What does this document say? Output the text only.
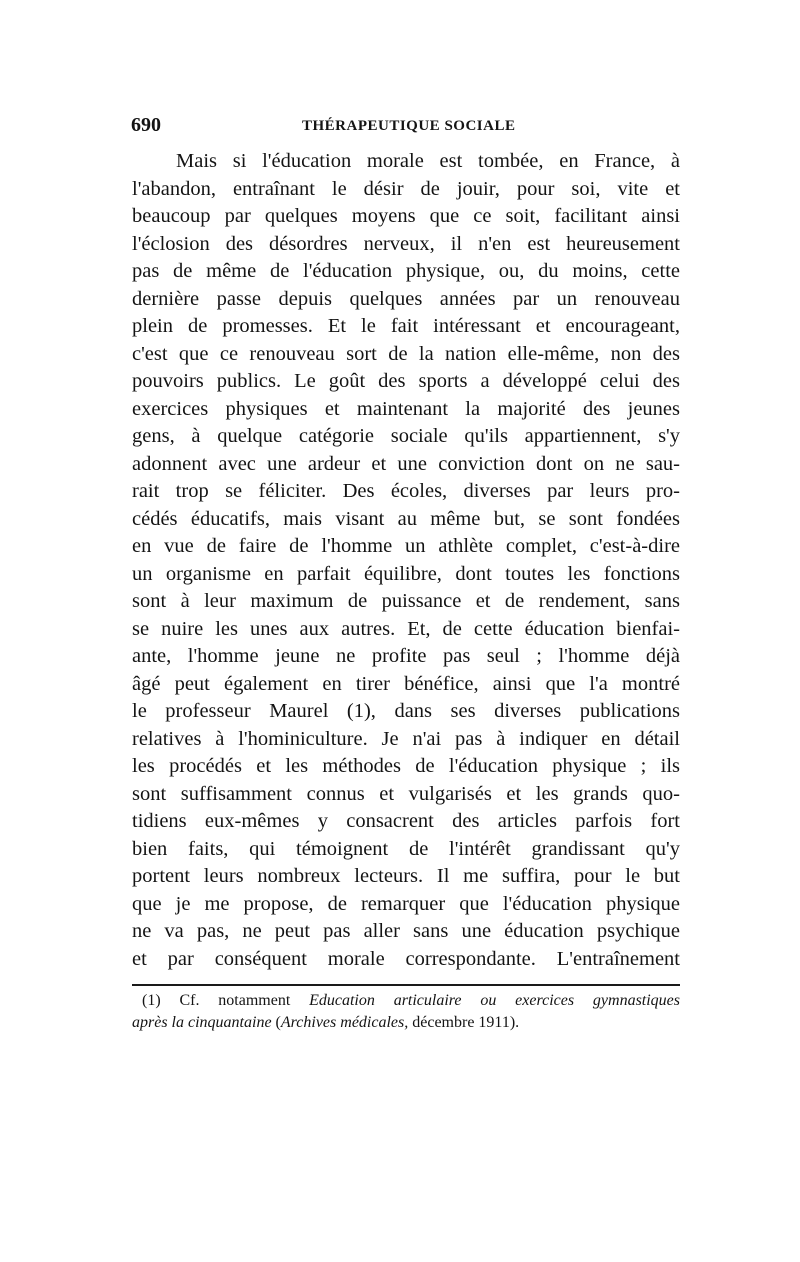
690	THÉRAPEUTIQUE SOCIALE
Mais si l'éducation morale est tombée, en France, à
l'abandon, entraînant le désir de jouir, pour soi, vite et
beaucoup par quelques moyens que ce soit, facilitant ainsi
l'éclosion des désordres nerveux, il n'en est heureusement
pas de même de l'éducation physique, ou, du moins, cette
dernière passe depuis quelques années par un renouveau
plein de promesses. Et le fait intéressant et encourageant,
c'est que ce renouveau sort de la nation elle-même, non des
pouvoirs publics. Le goût des sports a développé celui des
exercices physiques et maintenant la majorité des jeunes
gens, à quelque catégorie sociale qu'ils appartiennent, s'y
adonnent avec une ardeur et une conviction dont on ne sau-
rait trop se féliciter. Des écoles, diverses par leurs pro-
cédés éducatifs, mais visant au même but, se sont fondées
en vue de faire de l'homme un athlète complet, c'est-à-dire
un organisme en parfait équilibre, dont toutes les fonctions
sont à leur maximum de puissance et de rendement, sans
se nuire les unes aux autres. Et, de cette éducation bienfai-
ante, l'homme jeune ne profite pas seul ; l'homme déjà
âgé peut également en tirer bénéfice, ainsi que l'a montré
le professeur Maurel (1), dans ses diverses publications
relatives à l'hominiculture. Je n'ai pas à indiquer en détail
les procédés et les méthodes de l'éducation physique ; ils
sont suffisamment connus et vulgarisés et les grands quo-
tidiens eux-mêmes y consacrent des articles parfois fort
bien faits, qui témoignent de l'intérêt grandissant qu'y
portent leurs nombreux lecteurs. Il me suffira, pour le but
que je me propose, de remarquer que l'éducation physique
ne va pas, ne peut pas aller sans une éducation psychique
et par conséquent morale correspondante. L'entraînement
(1) Cf. notamment Education articulaire ou exercices gymnastiques
après la cinquantaine (Archives médicales, décembre 1911).
